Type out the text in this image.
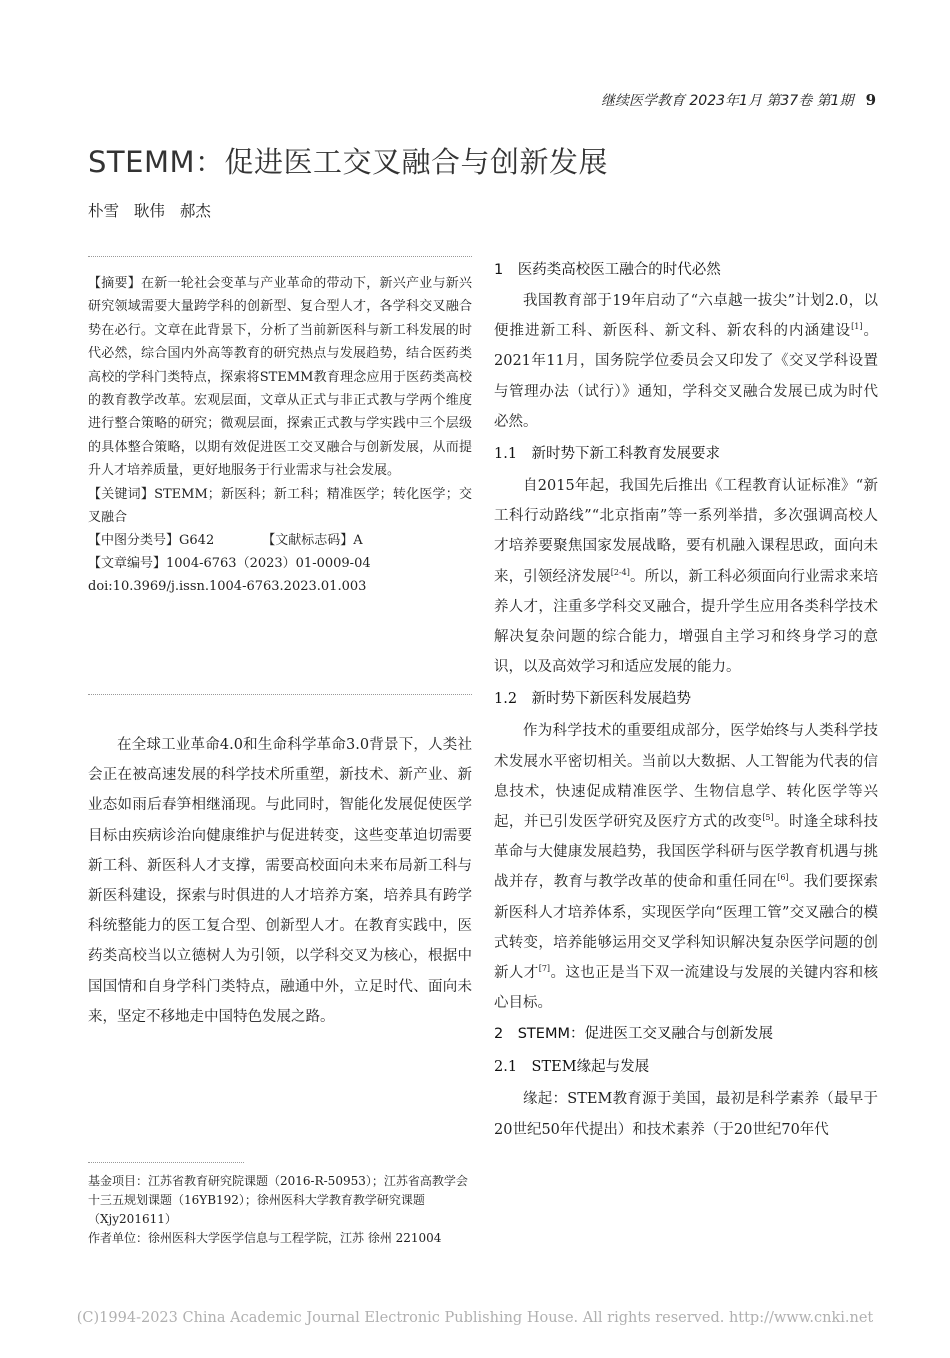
继续医学教育 2023年1月 第37卷 第1期 9
STEMM：促进医工交叉融合与创新发展
朴雪 耿伟 郝杰

【摘要】在新一轮社会变革与产业革命的带动下，新兴产业与新兴研究领域需要大量跨学科的创新型、复合型人才，各学科交叉融合势在必行。文章在此背景下，分析了当前新医科与新工科发展的时代必然，综合国内外高等教育的研究热点与发展趋势，结合医药类高校的学科门类特点，探索将STEMM教育理念应用于医药类高校的教育教学改革。宏观层面，文章从正式与非正式教与学两个维度进行整合策略的研究；微观层面，探索正式教与学实践中三个层级的具体整合策略，以期有效促进医工交叉融合与创新发展，从而提升人才培养质量，更好地服务于行业需求与社会发展。

【关键词】STEMM；新医科；新工科；精准医学；转化医学；交叉融合

【中图分类号】G642	【文献标志码】A

【文章编号】1004-6763（2023）01-0009-04

doi:10.3969/j.issn.1004-6763.2023.01.003

在全球工业革命4.0和生命科学革命3.0背景下，人类社会正在被高速发展的科学技术所重塑，新技术、新产业、新业态如雨后春笋相继涌现。与此同时，智能化发展促使医学目标由疾病诊治向健康维护与促进转变，这些变革迫切需要新工科、新医科人才支撑，需要高校面向未来布局新工科与新医科建设，探索与时俱进的人才培养方案，培养具有跨学科统整能力的医工复合型、创新型人才。在教育实践中，医药类高校当以立德树人为引领，以学科交叉为核心，根据中国国情和自身学科门类特点，融通中外，立足时代、面向未来，坚定不移地走中国特色发展之路。

基金项目：江苏省教育研究院课题（2016-R-50953）；江苏省高教学会十三五规划课题（16YB192）；徐州医科大学教育教学研究课题（Xjy201611）

作者单位：徐州医科大学医学信息与工程学院，江苏 徐州 221004

1　医药类高校医工融合的时代必然

我国教育部于19年启动了“六卓越一拔尖”计划2.0，以便推进新工科、新医科、新文科、新农科的内涵建设[1]。2021年11月，国务院学位委员会又印发了《交叉学科设置与管理办法（试行）》通知，学科交叉融合发展已成为时代必然。

1.1　新时势下新工科教育发展要求

自2015年起，我国先后推出《工程教育认证标准》“新工科行动路线”“北京指南”等一系列举措，多次强调高校人才培养要聚焦国家发展战略，要有机融入课程思政，面向未来，引领经济发展[2-4]。所以，新工科必须面向行业需求来培养人才，注重多学科交叉融合，提升学生应用各类科学技术解决复杂问题的综合能力，增强自主学习和终身学习的意识，以及高效学习和适应发展的能力。

1.2　新时势下新医科发展趋势

作为科学技术的重要组成部分，医学始终与人类科学技术发展水平密切相关。当前以大数据、人工智能为代表的信息技术，快速促成精准医学、生物信息学、转化医学等兴起，并已引发医学研究及医疗方式的改变[5]。时逢全球科技革命与大健康发展趋势，我国医学科研与医学教育机遇与挑战并存，教育与教学改革的使命和重任同在[6]。我们要探索新医科人才培养体系，实现医学向“医理工管”交叉融合的模式转变，培养能够运用交叉学科知识解决复杂医学问题的创新人才[7]。这也正是当下双一流建设与发展的关键内容和核心目标。

2　STEMM：促进医工交叉融合与创新发展
2.1　STEM缘起与发展

缘起：STEM教育源于美国，最初是科学素养（最早于20世纪50年代提出）和技术素养（于20世纪70年代

(C)1994-2023 China Academic Journal Electronic Publishing House. All rights reserved. http://www.cnki.net
